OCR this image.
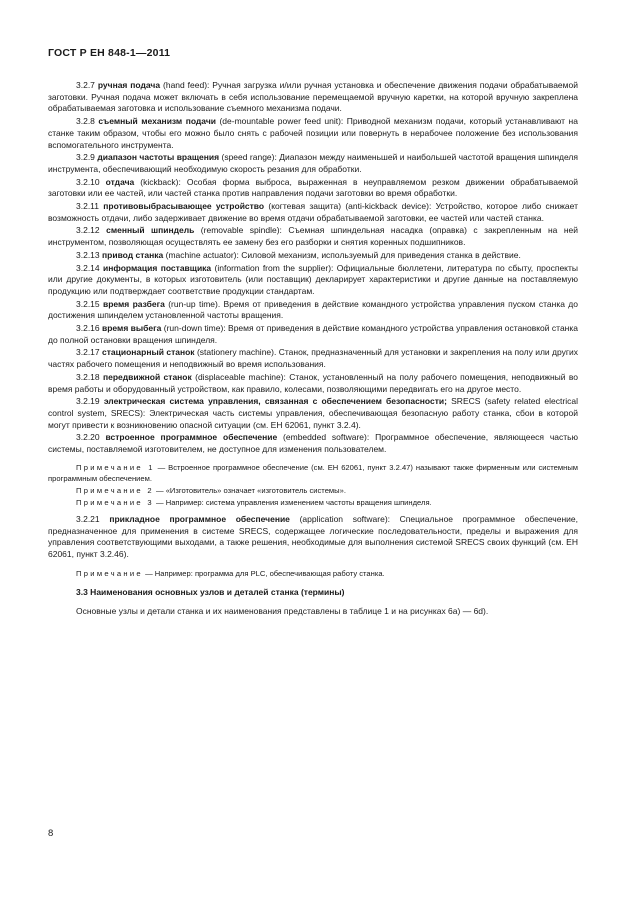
ГОСТ Р ЕН 848-1—2011

3.2.7 ручная подача (hand feed): Ручная загрузка и/или ручная установка и обеспечение движения подачи обрабатываемой заготовки. Ручная подача может включать в себя использование перемещаемой вручную каретки, на которой вручную закреплена обрабатываемая заготовка и использование съемного механизма подачи.

3.2.8 съемный механизм подачи (de-mountable power feed unit): Приводной механизм подачи, который устанавливают на станке таким образом, чтобы его можно было снять с рабочей позиции или повернуть в нерабочее положение без использования вспомогательного инструмента.

3.2.9 диапазон частоты вращения (speed range): Диапазон между наименьшей и наибольшей частотой вращения шпинделя инструмента, обеспечивающий необходимую скорость резания для обработки.

3.2.10 отдача (kickback): Особая форма выброса, выраженная в неуправляемом резком движении обрабатываемой заготовки или ее частей, или частей станка против направления подачи заготовки во время обработки.

3.2.11 противовыбрасывающее устройство (когтевая защита) (anti-kickback device): Устройство, которое либо снижает возможность отдачи, либо задерживает движение во время отдачи обрабатываемой заготовки, ее частей или частей станка.

3.2.12 сменный шпиндель (removable spindle): Съемная шпиндельная насадка (оправка) с закрепленным на ней инструментом, позволяющая осуществлять ее замену без его разборки и снятия коренных подшипников.

3.2.13 привод станка (machine actuator): Силовой механизм, используемый для приведения станка в действие.

3.2.14 информация поставщика (information from the supplier): Официальные бюллетени, литература по сбыту, проспекты или другие документы, в которых изготовитель (или поставщик) декларирует характеристики и другие данные на поставляемую продукцию или подтверждает соответствие продукции стандартам.

3.2.15 время разбега (run-up time). Время от приведения в действие командного устройства управления пуском станка до достижения шпинделем установленной частоты вращения.

3.2.16 время выбега (run-down time): Время от приведения в действие командного устройства управления остановкой станка до полной остановки вращения шпинделя.

3.2.17 стационарный станок (stationery machine). Станок, предназначенный для установки и закрепления на полу или других частях рабочего помещения и неподвижный во время использования.

3.2.18 передвижной станок (displaceable machine): Станок, установленный на полу рабочего помещения, неподвижный во время работы и оборудованный устройством, как правило, колесами, позволяющими передвигать его на другое место.

3.2.19 электрическая система управления, связанная с обеспечением безопасности; SRECS (safety related electrical control system, SRECS): Электрическая часть системы управления, обеспечивающая безопасную работу станка, сбои в которой могут привести к возникновению опасной ситуации (см. ЕН 62061, пункт 3.2.4).

3.2.20 встроенное программное обеспечение (embedded software): Программное обеспечение, являющееся частью системы, поставляемой изготовителем, не доступное для изменения пользователем.

Примечание 1 — Встроенное программное обеспечение (см. ЕН 62061, пункт 3.2.47) называют также фирменным или системным программным обеспечением.

Примечание 2 — «Изготовитель» означает «изготовитель системы».

Примечание 3 — Например: система управления изменением частоты вращения шпинделя.

3.2.21 прикладное программное обеспечение (application software): Специальное программное обеспечение, предназначенное для применения в системе SRECS, содержащее логические последовательности, пределы и выражения для управления соответствующими выходами, а также решения, необходимые для выполнения системой SRECS своих функций (см. ЕН 62061, пункт 3.2.46).

Примечание — Например: программа для PLC, обеспечивающая работу станка.

3.3 Наименования основных узлов и деталей станка (термины)

Основные узлы и детали станка и их наименования представлены в таблице 1 и на рисунках 6а) — 6d).

8
